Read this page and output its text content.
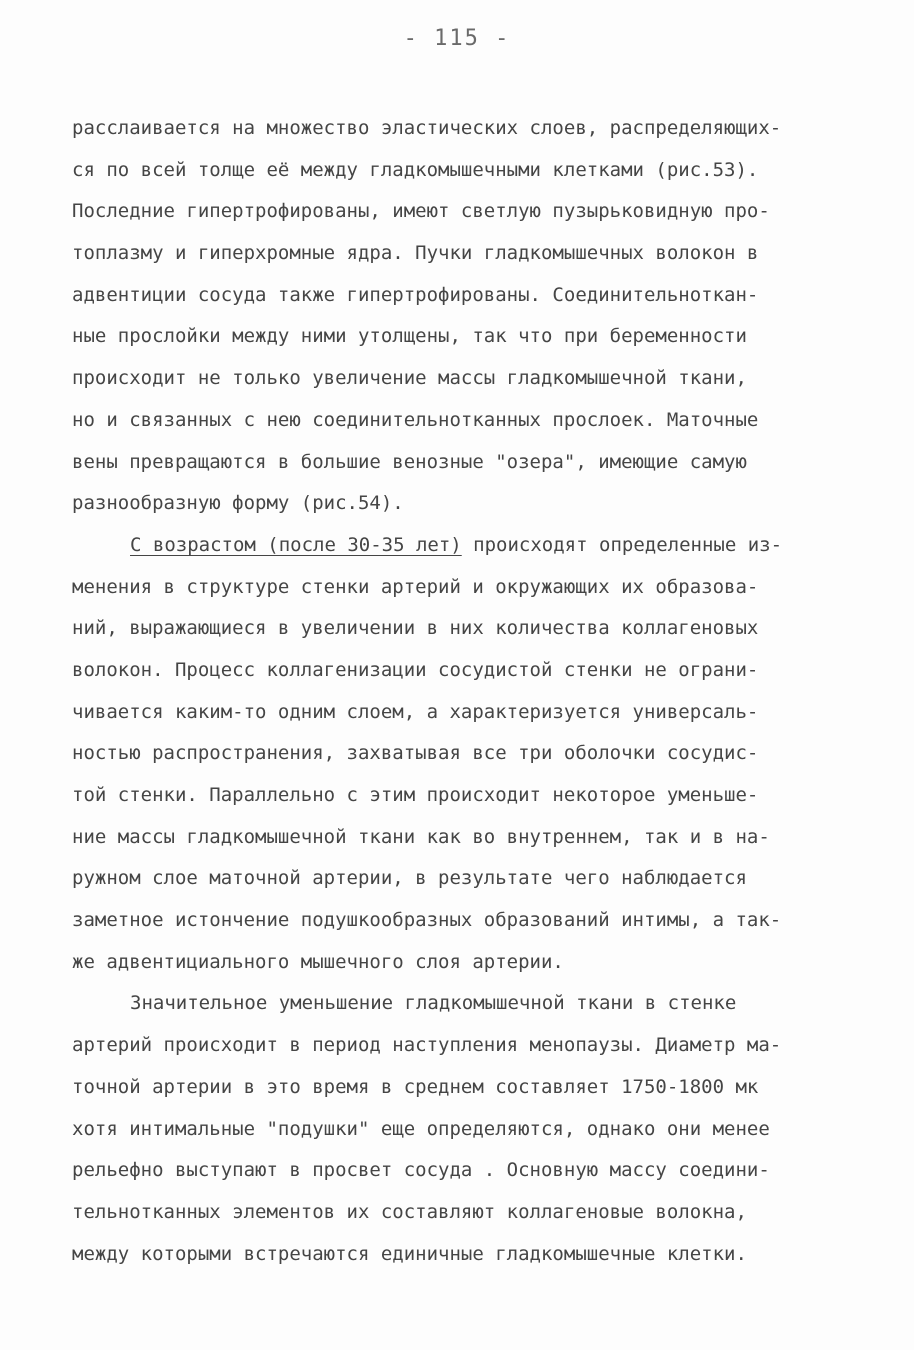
- 115 -
расслаивается на множество эластических слоев, распределяющих-
ся по всей толще её между гладкомышечными клетками (рис.53).
Последние гипертрофированы, имеют светлую пузырьковидную про-
топлазму и гиперхромные ядра. Пучки гладкомышечных волокон в
адвентиции сосуда также гипертрофированы. Соединительноткан-
ные прослойки между ними утолщены, так что при беременности
происходит не только увеличение массы гладкомышечной ткани,
но и связанных с нею соединительнотканных прослоек. Маточные
вены превращаются в большие венозные "озера", имеющие самую
разнообразную форму (рис.54).
С возрастом (после 30-35 лет) происходят определенные из-
менения в структуре стенки артерий и окружающих их образова-
ний, выражающиеся в увеличении в них количества коллагеновых
волокон. Процесс коллагенизации сосудистой стенки не ограни-
чивается каким-то одним слоем, а характеризуется универсаль-
ностью распространения, захватывая все три оболочки сосудис-
той стенки. Параллельно с этим происходит некоторое уменьше-
ние массы гладкомышечной ткани как во внутреннем, так и в на-
ружном слое маточной артерии, в результате чего наблюдается
заметное истончение подушкообразных образований интимы, а так-
же адвентициального мышечного слоя артерии.
Значительное уменьшение гладкомышечной ткани в стенке
артерий происходит в период наступления менопаузы. Диаметр ма-
точной артерии в это время в среднем составляет 1750-1800 мк
хотя интимальные "подушки" еще определяются, однако они менее
рельефно выступают в просвет сосуда . Основную массу соедини-
тельнотканных элементов их составляют коллагеновые волокна,
между которыми встречаются единичные гладкомышечные клетки.
